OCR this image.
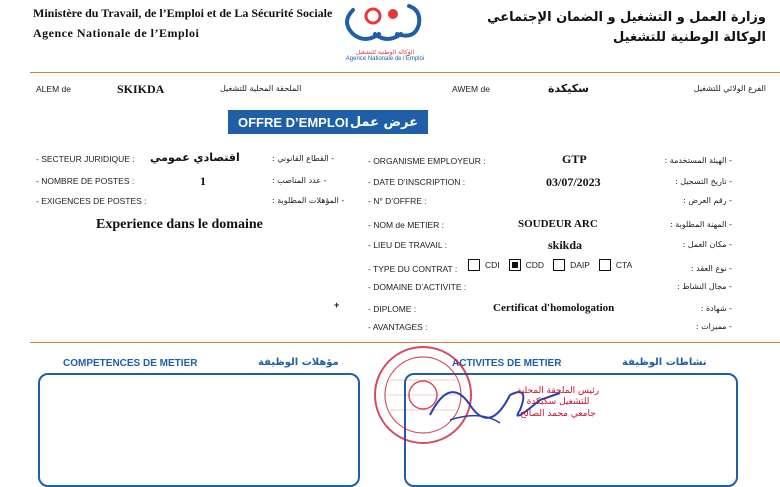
Ministère du Travail, de l’Emploi et de La Sécurité Sociale
Agence Nationale de l’Emploi
الوكالة الوطنية للتشغيل
Agence Nationale de l’Emploi
وزارة العمل و التشغيل و الضمان الإجتماعي
الوكالة الوطنية للتشغيل
ALEM de	SKIKDA	الملحقة المحلية للتشغيل	AWEM de	سكيكدة	الفرع الولائي للتشغيل
OFFRE D’EMPLOI عرض عمل
- SECTEUR JURIDIQUE : اقتصادي عمومي	- القطاع القانوني :
- NOMBRE DE POSTES :	1	- عدد المناصب :
- EXIGENCES DE POSTES :	- المؤهلات المطلوبة :
Experience dans le domaine
+
- ORGANISME EMPLOYEUR :	GTP	- الهيئة المستخدمة :
- DATE D’INSCRIPTION :	03/07/2023	- تاريخ التسجيل :
- N° D’OFFRE :	- رقم العرض :
- NOM de METIER :	SOUDEUR ARC	- المهنة المطلوبة :
- LIEU DE TRAVAIL :	skikda	- مكان العمل :
- TYPE DU CONTRAT :	CDI	CDD	DAIP	CTA	- نوع العقد :
- DOMAINE D’ACTIVITE :	- مجال النشاط :
- DIPLOME :	Certificat d'homologation	- شهادة :
- AVANTAGES :	- مميزات :
COMPETENCES DE METIER	مؤهلات الوظيفة	ACTIVITES DE METIER	نشاطات الوظيفة
رئيس الملحقة المحلية
للتشغيل سكيكدة
جامعي محمد الصالح
